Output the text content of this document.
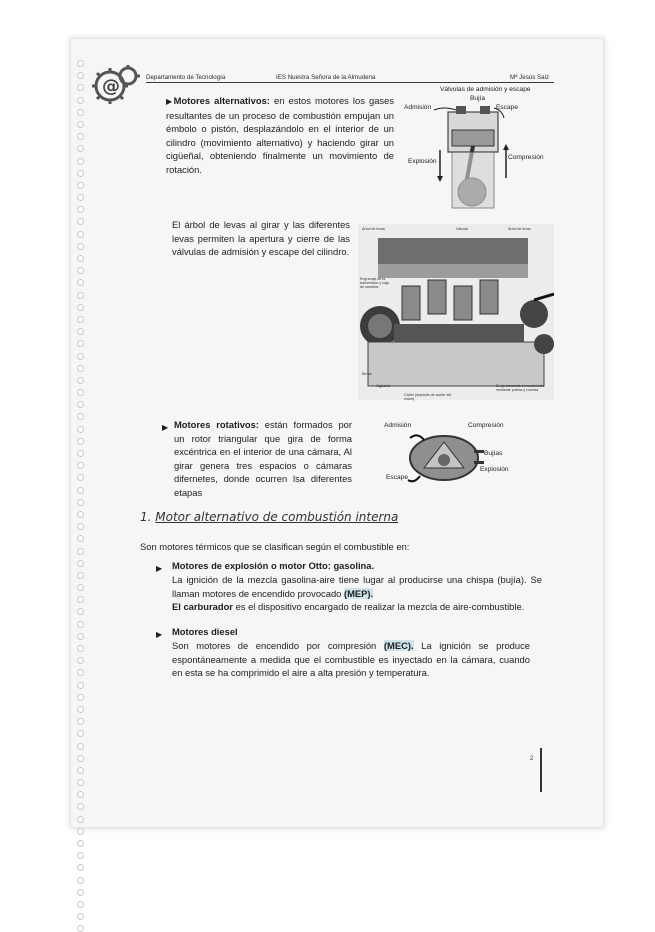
@	Departamento de Tecnología	IES Nuestra Señora de la Almudena	Mª Jesús Saiz
▶Motores alternativos: en estos motores los gases resultantes de un proceso de combustión empujan un émbolo o pistón, desplazándolo en el interior de un cilindro (movimiento alternativo) y haciendo girar un cigüeñal, obteniendo finalmente un movimiento de rotación.
Válvulas de admisión y escape
Bujía
Admisión	Escape
Explosión
Compresión
El árbol de levas al girar y las diferentes levas permiten la apertura y cierre de las válvulas de admisión y escape del cilindro.
Árbol de levas	Válvula	Árbol de levas
Engranaje de la transmisión y caja de cambios
Bielas
Cigüeñal
Cárter (depósito de aceite del motor)
El eje transmite el movimiento mediante poleas y correas
▶ Motores rotativos: están formados por un rotor triangular que gira de forma excéntrica en el interior de una cámara, Al girar genera tres espacios o cámaras difernetes, donde ocurren lsa diferentes etapas
Admisión	Compresión
Bujías
Explosión
Escape
1. Motor alternativo de combustión interna
Son motores térmicos que se clasifican según el combustible en:
▶ Motores de explosión o motor Otto: gasolina.
La ignición de la mezcla gasolina-aire tiene lugar al producirse una chispa (bujía). Se llaman motores de encendido provocado (MEP).
El carburador es el dispositivo encargado de realizar la mezcla de aire-combustible.
▶ Motores diesel
Son motores de encendido por compresión (MEC). La ignición se produce espontáneamente a medida que el combustible es inyectado en la cámara, cuando en esta se ha comprimido el aire a alta presión y temperatura.
2
